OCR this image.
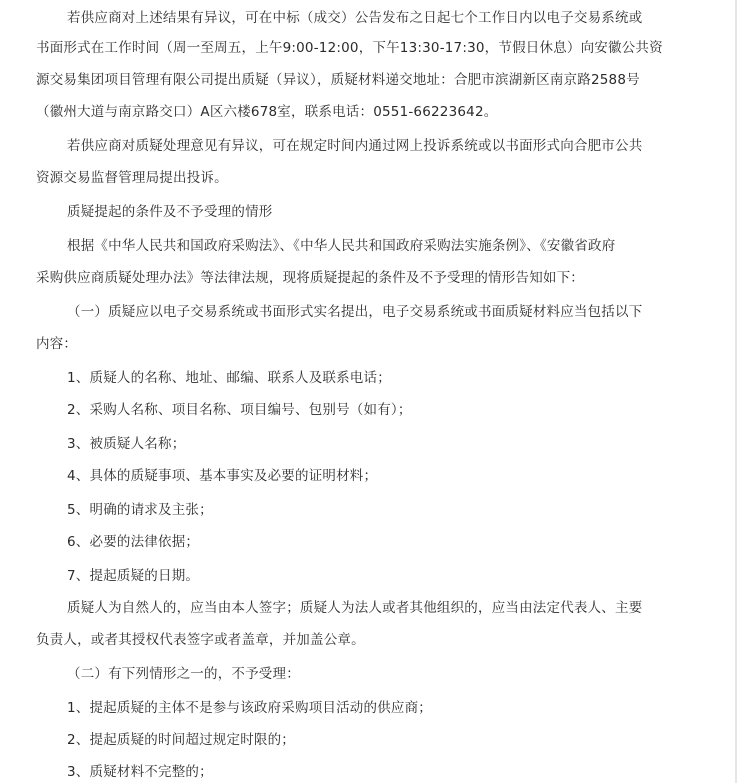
若供应商对上述结果有异议，可在中标（成交）公告发布之日起七个工作日内以电子交易系统或
书面形式在工作时间（周一至周五，上午9:00-12:00，下午13:30-17:30，节假日休息）向安徽公共资
源交易集团项目管理有限公司提出质疑（异议），质疑材料递交地址：合肥市滨湖新区南京路2588号
（徽州大道与南京路交口）A区六楼678室，联系电话：0551-66223642。
若供应商对质疑处理意见有异议，可在规定时间内通过网上投诉系统或以书面形式向合肥市公共
资源交易监督管理局提出投诉。
质疑提起的条件及不予受理的情形
根据《中华人民共和国政府采购法》、《中华人民共和国政府采购法实施条例》、《安徽省政府
采购供应商质疑处理办法》等法律法规，现将质疑提起的条件及不予受理的情形告知如下：
（一）质疑应以电子交易系统或书面形式实名提出，电子交易系统或书面质疑材料应当包括以下
内容：
1、质疑人的名称、地址、邮编、联系人及联系电话；
2、采购人名称、项目名称、项目编号、包别号（如有）；
3、被质疑人名称；
4、具体的质疑事项、基本事实及必要的证明材料；
5、明确的请求及主张；
6、必要的法律依据；
7、提起质疑的日期。
质疑人为自然人的，应当由本人签字；质疑人为法人或者其他组织的，应当由法定代表人、主要
负责人，或者其授权代表签字或者盖章，并加盖公章。
（二）有下列情形之一的，不予受理：
1、提起质疑的主体不是参与该政府采购项目活动的供应商；
2、提起质疑的时间超过规定时限的；
3、质疑材料不完整的；
